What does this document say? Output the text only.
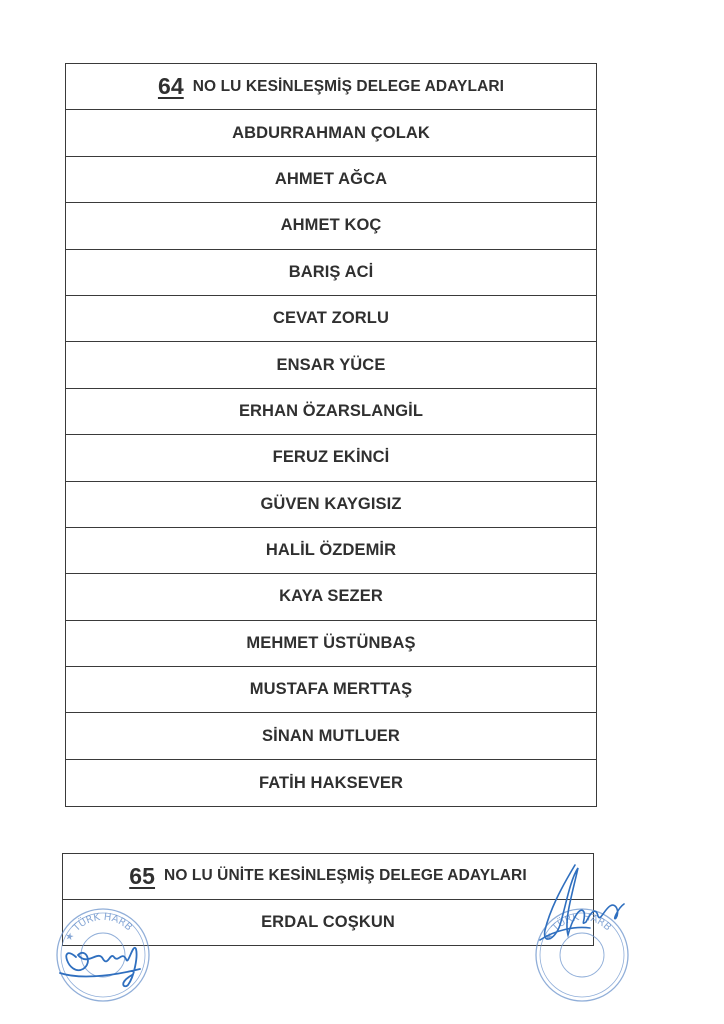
64 NO LU KESİNLEŞMİŞ DELEGE ADAYLARI
ABDURRAHMAN ÇOLAK
AHMET AĞCA
AHMET KOÇ
BARIŞ ACİ
CEVAT ZORLU
ENSAR YÜCE
ERHAN ÖZARSLANGİL
FERUZ EKİNCİ
GÜVEN KAYGISIZ
HALİL ÖZDEMİR
KAYA SEZER
MEHMET ÜSTÜNBAŞ
MUSTAFA MERTTAŞ
SİNAN MUTLUER
FATİH HAKSEVER
65 NO LU ÜNİTE KESİNLEŞMİŞ DELEGE ADAYLARI
ERDAL COŞKUN
★ TÜRK HARB
★ TÜRK HARB
